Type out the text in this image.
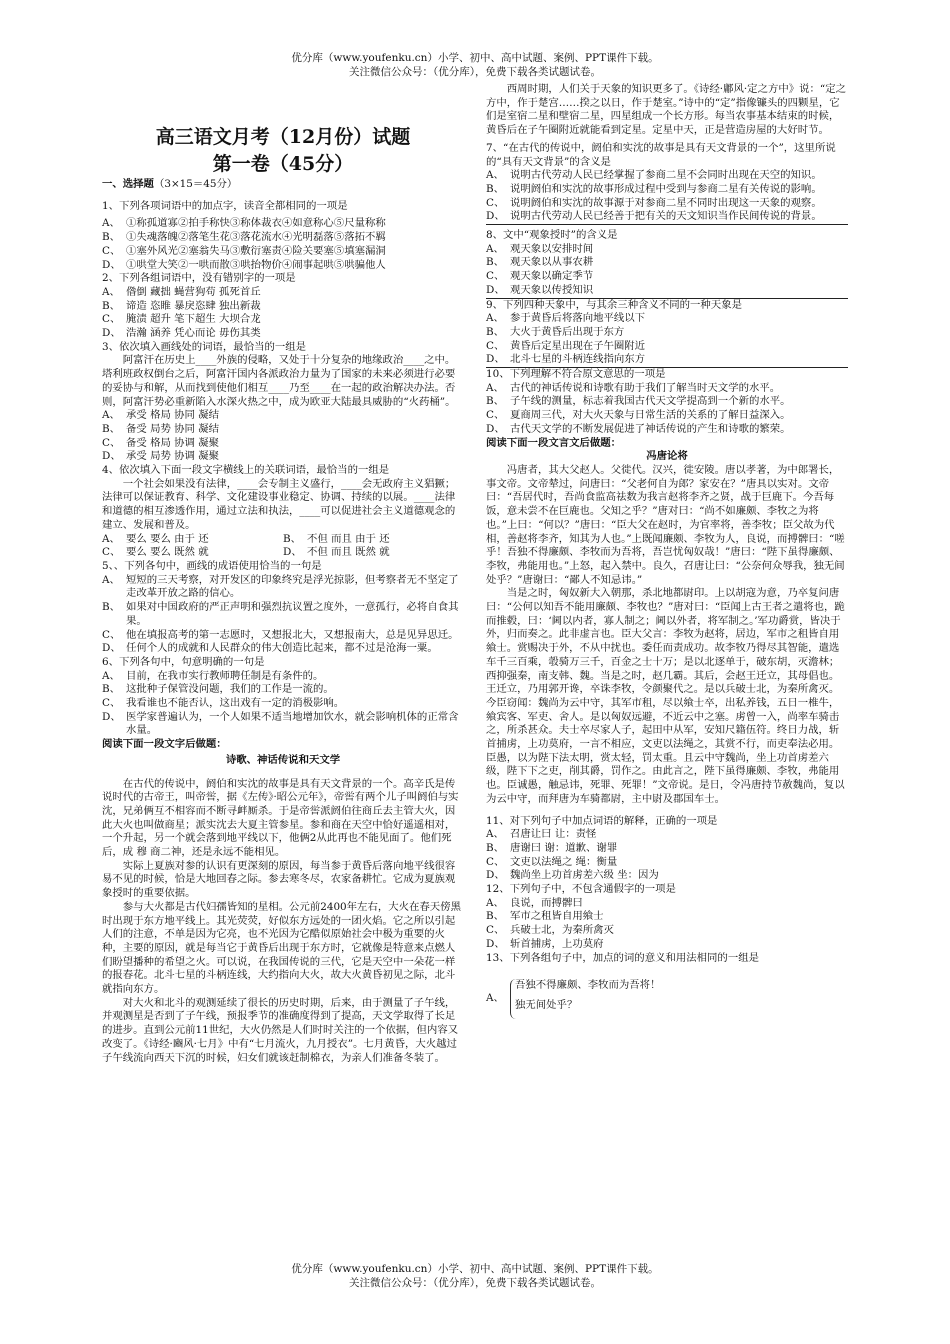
优分库（www.youfenku.cn）小学、初中、高中试题、案例、PPT课件下载。
关注微信公众号：（优分库），免费下载各类试题试卷。

高三语文月考（12月份）试题

第一卷（45分）

一、选择题（3×15＝45分）

1、下列各项词语中的加点字，读音全都相同的一项是

A、 ①称孤道寡②拍手称快③称体裁衣④如意称心⑤尺量称称
B、 ①失魂落魄②落笔生花③落花流水④光明磊落⑤落拓不羁
C、 ①塞外风光②塞翁失马③敷衍塞责④险关要塞⑤填塞漏洞
D、 ①哄堂大笑②一哄而散③哄抬物价④闹事起哄⑤哄骗他人

2、下列各组词语中，没有错别字的一项是

A、 偺倒 藏拙 蝇营狗苟 孤死首丘
B、 谛造 恣睢 暴戾恣肆 独出新裁
C、 腌渍 超升 笔下超生 大坝合龙
D、 浩瀚 涵养 凭心而论 毋伤其类

3、依次填入画线处的词语，最恰当的一组是

阿富汗在历史上____外族的侵略，又处于十分复杂的地缘政治____之中。塔利班政权倒台之后，阿富汗国内各派政治力量为了国家的未来必须进行必要的妥协与和解，从而找到使他们相互____乃至____在一起的政治解决办法。否则，阿富汗势必重新陷入水深火热之中，成为欧亚大陆最具威胁的“火药桶”。

A、 承受 格局 协同 凝结
B、 备受 局势 协同 凝结
C、 备受 格局 协调 凝聚
D、 承受 局势 协调 凝聚

4、依次填入下面一段文字横线上的关联词语，最恰当的一组是

一个社会如果没有法律，____会专制主义盛行，____会无政府主义猖獗；法律可以保证教育、科学、文化建设事业稳定、协调、持续的以展。____法律和道德的相互渗透作用，通过立法和执法，____可以促进社会主义道德观念的建立、发展和普及。

A、 要么 要么 由于 还	B、 不但 而且 由于 还
C、 要么 要么 既然 就	D、 不但 而且 既然 就

5、、下列各句中，画线的成语使用恰当的一句是

A、 短短的三天考察，对开发区的印象终究是浮光掠影，但考察者无不坚定了走改革开放之路的信心。
B、 如果对中国政府的严正声明和强烈抗议置之度外，一意孤行，必将自食其果。
C、 他在填报高考的第一志愿时，又想报北大，又想报南大，总是见异思迁。
D、 任何个人的成就和人民群众的伟大创造比起来，都不过是沧海一粟。

6、下列各句中，句意明确的一句是

A、 目前，在我市实行教师聘任制是有条件的。
B、 这批种子保管没问题，我们的工作是一流的。
C、 我看谁也不能否认，这出戏有一定的消极影响。
D、 医学家普遍认为，一个人如果不适当地增加饮水，就会影响机体的正常含水量。

阅读下面一段文字后做题：

诗歌、神话传说和天文学

在古代的传说中，阏伯和实沈的故事是具有天文背景的一个。高辛氏是传说时代的古帝王，叫帝喾，据《左传》·昭公元年》，帝喾有两个儿子叫阏伯与实沈，兄弟俩互不相容而不断寻衅厮杀。于是帝喾派阏伯往商丘去主管大火，因此大火也叫做商星；派实沈去大夏主管参星。参和商在天空中恰好遥遥相对，一个升起，另一个就会落到地平线以下，他俩2从此再也不能见面了。他们死后，成 穆 商二神，还是永远不能相见。

实际上夏族对参的认识有更深刻的原因，每当参于黄昏后落向地平线很容易不见的时候，恰是大地回春之际。参去寒冬尽，农家备耕忙。它成为夏族观象授时的重要依据。

参与大火都是古代妇孺皆知的星相。公元前2400年左右，大火在春天傍黑时出现于东方地平线上。其光荧荧，好似东方远处的一团火焰。它之所以引起人们的注意，不单是因为它亮，也不光因为它酷似原始社会中极为重要的火种，主要的原因，就是每当它于黄昏后出现于东方时，它就像是特意来点燃人们盼望播种的希望之火。可以说，在我国传说的三代，它是天空中一朵花一样的报春花。北斗七星的斗柄连线，大约指向大火，故大火黄昏初见之际，北斗就指向东方。

对大火和北斗的观测延续了很长的历史时期，后来，由于测量了子午线，并观测星是否到了子午线，预报季节的准确度得到了提高，天文学取得了长足的进步。直到公元前11世纪，大火仍然是人们时时关注的一个依据，但内容又改变了。《诗经·豳风·七月》中有“七月流火，九月授衣”。七月黄昏，大火越过子午线流向西天下沉的时候，妇女们就该赶制棉衣，为亲人们准备冬装了。

西周时期，人们关于天象的知识更多了。《诗经·鄘风·定之方中》说：“定之方中，作于楚宫……揆之以日，作于楚室。”诗中的“定”指像镰头的四颗星，它们是室宿二星和壁宿二星，四星组成一个长方形。每当农事基本结束的时候，黄昏后在子午圈附近就能看到定星。定星中天，正是营造房屋的大好时节。

7、“在古代的传说中，阏伯和实沈的故事是具有天文背景的一个”，这里所说的“具有天文背景”的含义是

A、 说明古代劳动人民已经掌握了参商二星不会同时出现在天空的知识。
B、 说明阏伯和实沈的故事形成过程中受到与参商二星有关传说的影响。
C、 说明阏伯和实沈的故事源于对参商二星不同时出现这一天象的观察。
D、 说明古代劳动人民已经善于把有关的天文知识当作民间传说的背景。

8、文中“观象授时”的含义是

A、 观天象以安排时间
B、 观天象以从事农耕
C、 观天象以确定季节
D、 观天象以传授知识

9、下列四种天象中，与其余三种含义不同的一种天象是

A、 参于黄昏后将落向地平线以下
B、 大火于黄昏后出现于东方
C、 黄昏后定星出现在子午圈附近
D、 北斗七星的斗柄连线指向东方

10、下列理解不符合原文意思的一项是

A、 古代的神话传说和诗歌有助于我们了解当时天文学的水平。
B、 子午线的测量，标志着我国古代天文学提高到一个新的水平。
C、 夏商周三代，对大火天象与日常生活的关系的了解日益深入。
D、 古代天文学的不断发展促进了神话传说的产生和诗歌的繁荣。

阅读下面一段文言文后做题：

冯唐论将

冯唐者，其大父赵人。父徙代。汉兴，徙安陵。唐以孝著，为中郎署长，事文帝。文帝辇过，问唐曰：“父老何自为郎？家安在？”唐具以实对。文帝曰：“吾居代时，吾尚食监高祛数为我言赵将李齐之贤，战于巨鹿下。今吾每饭，意未尝不在巨鹿也。父知之乎？”唐对曰：“尚不如廉颇、李牧之为将也。”上曰：“何以？”唐曰：“臣大父在赵时，为官率将，善李牧；臣父故为代相，善赵将李齐，知其为人也。”上既闻廉颇、李牧为人，良说，而搏髀曰：“嗟乎！吾独不得廉颇、李牧而为吾将，吾岂忧匈奴哉！”唐曰：“陛下虽得廉颇、李牧，弗能用也。”上怒，起入禁中。良久，召唐让曰：“公奈何众辱我，独无间处乎？”唐谢曰：“鄙人不知忌讳。”

当是之时，匈奴新大入朝那，杀北地都尉印。上以胡寇为意，乃卒复问唐曰：“公何以知吾不能用廉颇、李牧也？”唐对曰：“臣闻上古王者之遣将也，跪而推毂，曰：‘阃以内者，寡人制之；阃以外者，将军制之。’军功爵赏，皆决于外，归而奏之。此非虚言也。臣大父言：李牧为赵将，居边，军市之租皆自用飨士。赏赐决于外，不从中扰也。委任而责成功。故李牧乃得尽其智能，遣选车千三百乘，彀骑万三千，百金之士十万；是以北逐单于，破东胡，灭澹林；西抑强秦，南支韩、魏。当是之时，赵几霸。其后，会赵王迁立，其母倡也。王迁立，乃用郭开谗，卒诛李牧，令颜聚代之。是以兵破士北，为秦所禽灭。今臣窃闻：魏尚为云中守，其军市租，尽以飨士卒，出私养钱，五日一椎牛，飨宾客、军吏、舍人。是以匈奴远避，不近云中之塞。虏曾一入，尚率车骑击之，所杀甚众。夫士卒尽家人子，起田中从军，安知尺籍伍符。终日力战，斩首捕虏，上功莫府，一言不相应，文吏以法绳之，其赏不行，而吏奉法必用。臣愚，以为陛下法太明，赏太轻，罚太重。且云中守魏尚，坐上功首虏差六级，陛下下之吏，削其爵，罚作之。由此言之，陛下虽得廉颇、李牧，弗能用也。臣诚愚，触忌讳，死罪、死罪！”文帝说。是日，令冯唐持节赦魏尚，复以为云中守，而拜唐为车骑都尉，主中尉及郡国车士。

11、对下列句子中加点词语的解释，正确的一项是

A、 召唐让曰 让：责怪
B、 唐谢曰 谢：道歉、谢罪
C、 文吏以法绳之 绳：衡量
D、 魏尚坐上功首虏差六级 坐：因为

12、下列句子中，不包含通假字的一项是

A、 良说，而搏髀曰
B、 军市之租皆自用飨士
C、 兵破士北，为秦所禽灭
D、 斩首捕虏，上功莫府

13、下列各组句子中，加点的词的意义和用法相同的一组是

A、

吾独不得廉颇、李牧而为吾将！

独无间处乎？

优分库（www.youfenku.cn）小学、初中、高中试题、案例、PPT课件下载。
关注微信公众号：（优分库），免费下载各类试题试卷。
